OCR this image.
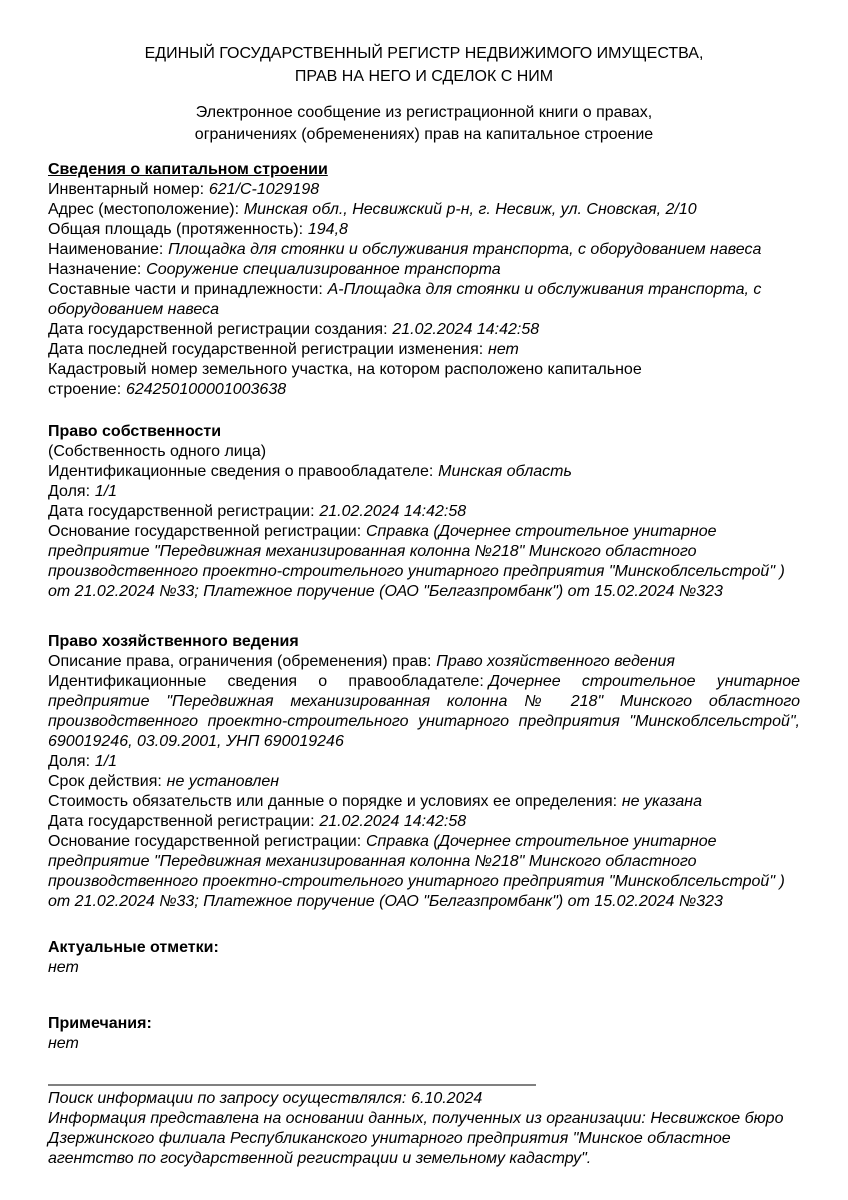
ЕДИНЫЙ ГОСУДАРСТВЕННЫЙ РЕГИСТР НЕДВИЖИМОГО ИМУЩЕСТВА,
ПРАВ НА НЕГО И СДЕЛОК С НИМ
Электронное сообщение из регистрационной книги о правах,
ограничениях (обременениях) прав на капитальное строение
Сведения о капитальном строении
Инвентарный номер: 621/С-1029198
Адрес (местоположение): Минская обл., Несвижский р-н, г. Несвиж, ул. Сновская, 2/10
Общая площадь (протяженность): 194,8
Наименование: Площадка для стоянки и обслуживания транспорта, с оборудованием навеса
Назначение: Сооружение специализированное транспорта
Составные части и принадлежности: А-Площадка для стоянки и обслуживания транспорта, с оборудованием навеса
Дата государственной регистрации создания: 21.02.2024 14:42:58
Дата последней государственной регистрации изменения: нет
Кадастровый номер земельного участка, на котором расположено капитальное строение: 624250100001003638
Право собственности
(Собственность одного лица)
Идентификационные сведения о правообладателе: Минская область
Доля: 1/1
Дата государственной регистрации: 21.02.2024 14:42:58
Основание государственной регистрации: Справка (Дочернее строительное унитарное предприятие "Передвижная механизированная колонна №218" Минского областного производственного проектно-строительного унитарного предприятия "Минскоблсельстрой" ) от 21.02.2024 №33; Платежное поручение (ОАО "Белгазпромбанк") от 15.02.2024 №323
Право хозяйственного ведения
Описание права, ограничения (обременения) прав: Право хозяйственного ведения
Идентификационные сведения о правообладателе: Дочернее строительное унитарное предприятие "Передвижная механизированная колонна № 218" Минского областного производственного проектно-строительного унитарного предприятия "Минскоблсельстрой", 690019246, 03.09.2001, УНП 690019246
Доля: 1/1
Срок действия: не установлен
Стоимость обязательств или данные о порядке и условиях ее определения: не указана
Дата государственной регистрации: 21.02.2024 14:42:58
Основание государственной регистрации: Справка (Дочернее строительное унитарное предприятие "Передвижная механизированная колонна №218" Минского областного производственного проектно-строительного унитарного предприятия "Минскоблсельстрой" ) от 21.02.2024 №33; Платежное поручение (ОАО "Белгазпромбанк") от 15.02.2024 №323
Актуальные отметки:
нет
Примечания:
нет
Поиск информации по запросу осуществлялся: 6.10.2024
Информация представлена на основании данных, полученных из организации: Несвижское бюро Дзержинского филиала Республиканского унитарного предприятия "Минское областное агентство по государственной регистрации и земельному кадастру".
